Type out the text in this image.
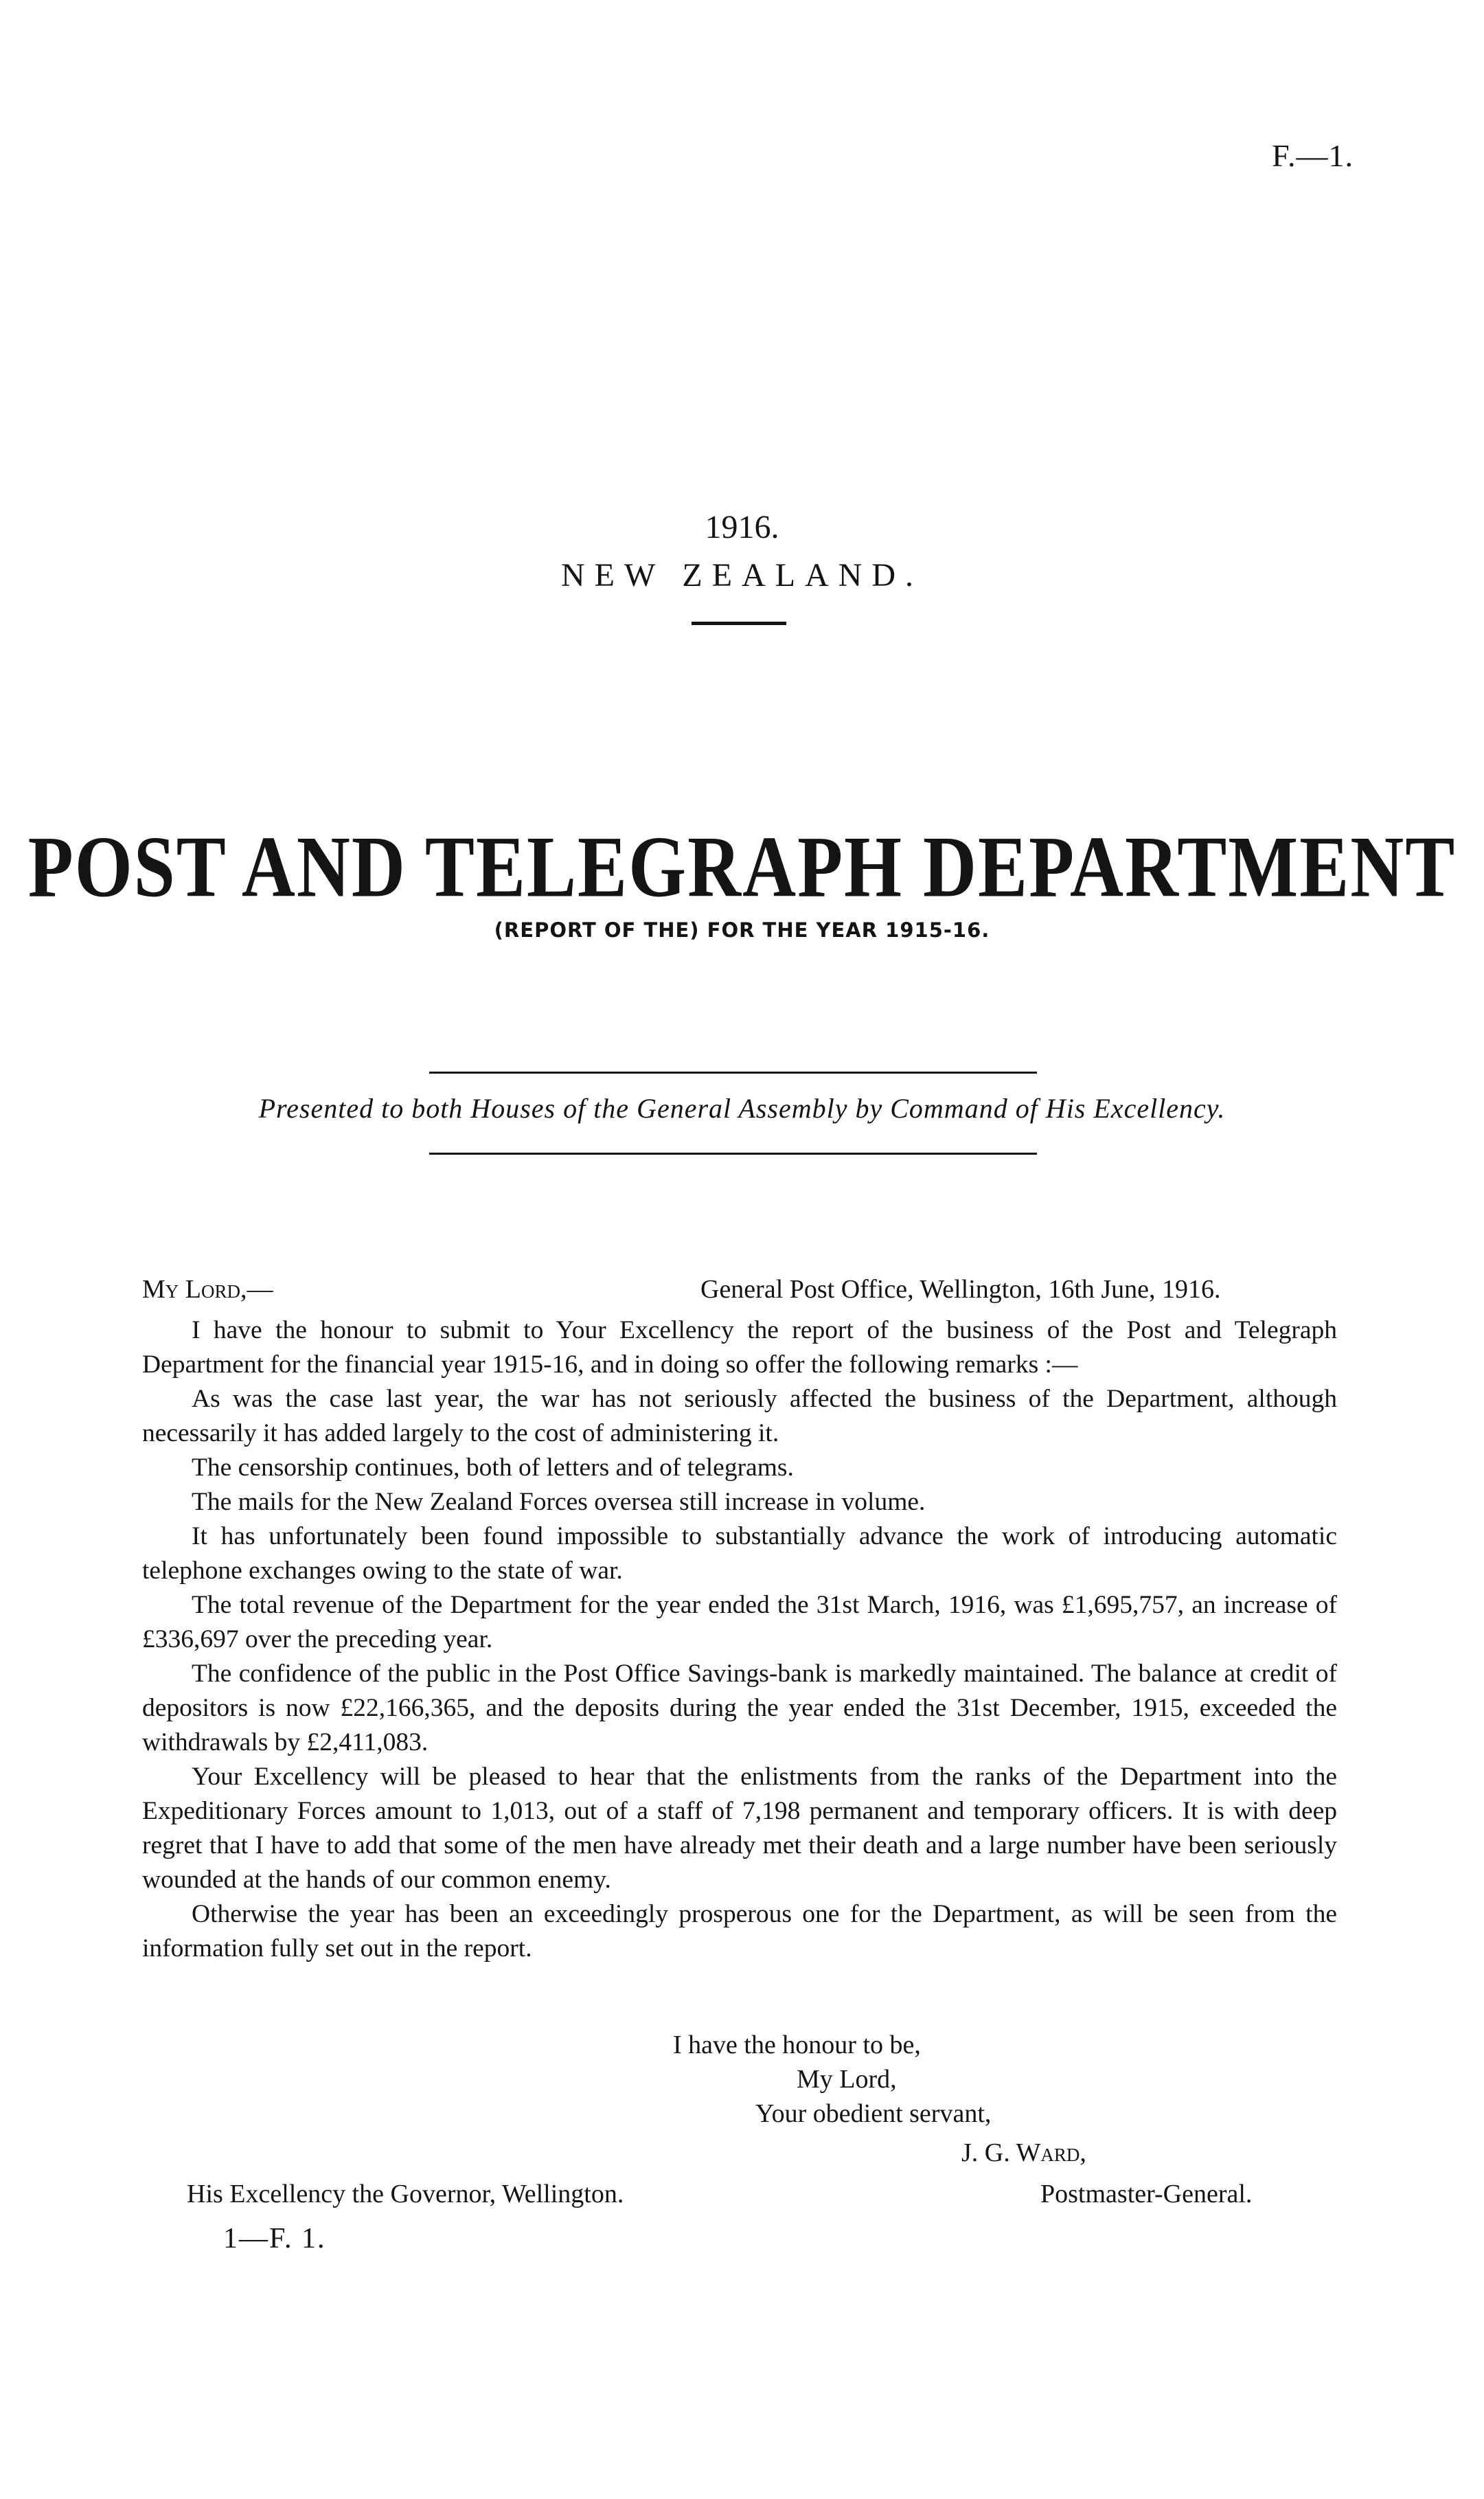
F.—1.
1916.
NEW ZEALAND.
POST AND TELEGRAPH DEPARTMENT
(REPORT OF THE) FOR THE YEAR 1915-16.
Presented to both Houses of the General Assembly by Command of His Excellency.
My Lord,—	General Post Office, Wellington, 16th June, 1916.

I have the honour to submit to Your Excellency the report of the business of the Post and Telegraph Department for the financial year 1915-16, and in doing so offer the following remarks :—

As was the case last year, the war has not seriously affected the business of the Department, although necessarily it has added largely to the cost of administering it.

The censorship continues, both of letters and of telegrams.

The mails for the New Zealand Forces oversea still increase in volume.

It has unfortunately been found impossible to substantially advance the work of introducing automatic telephone exchanges owing to the state of war.

The total revenue of the Department for the year ended the 31st March, 1916, was £1,695,757, an increase of £336,697 over the preceding year.

The confidence of the public in the Post Office Savings-bank is markedly maintained. The balance at credit of depositors is now £22,166,365, and the deposits during the year ended the 31st December, 1915, exceeded the withdrawals by £2,411,083.

Your Excellency will be pleased to hear that the enlistments from the ranks of the Department into the Expeditionary Forces amount to 1,013, out of a staff of 7,198 permanent and temporary officers. It is with deep regret that I have to add that some of the men have already met their death and a large number have been seriously wounded at the hands of our common enemy.

Otherwise the year has been an exceedingly prosperous one for the Department, as will be seen from the information fully set out in the report.

I have the honour to be,
My Lord,
Your obedient servant,
J. G. Ward,
His Excellency the Governor, Wellington.	Postmaster-General.
1—F. 1.
